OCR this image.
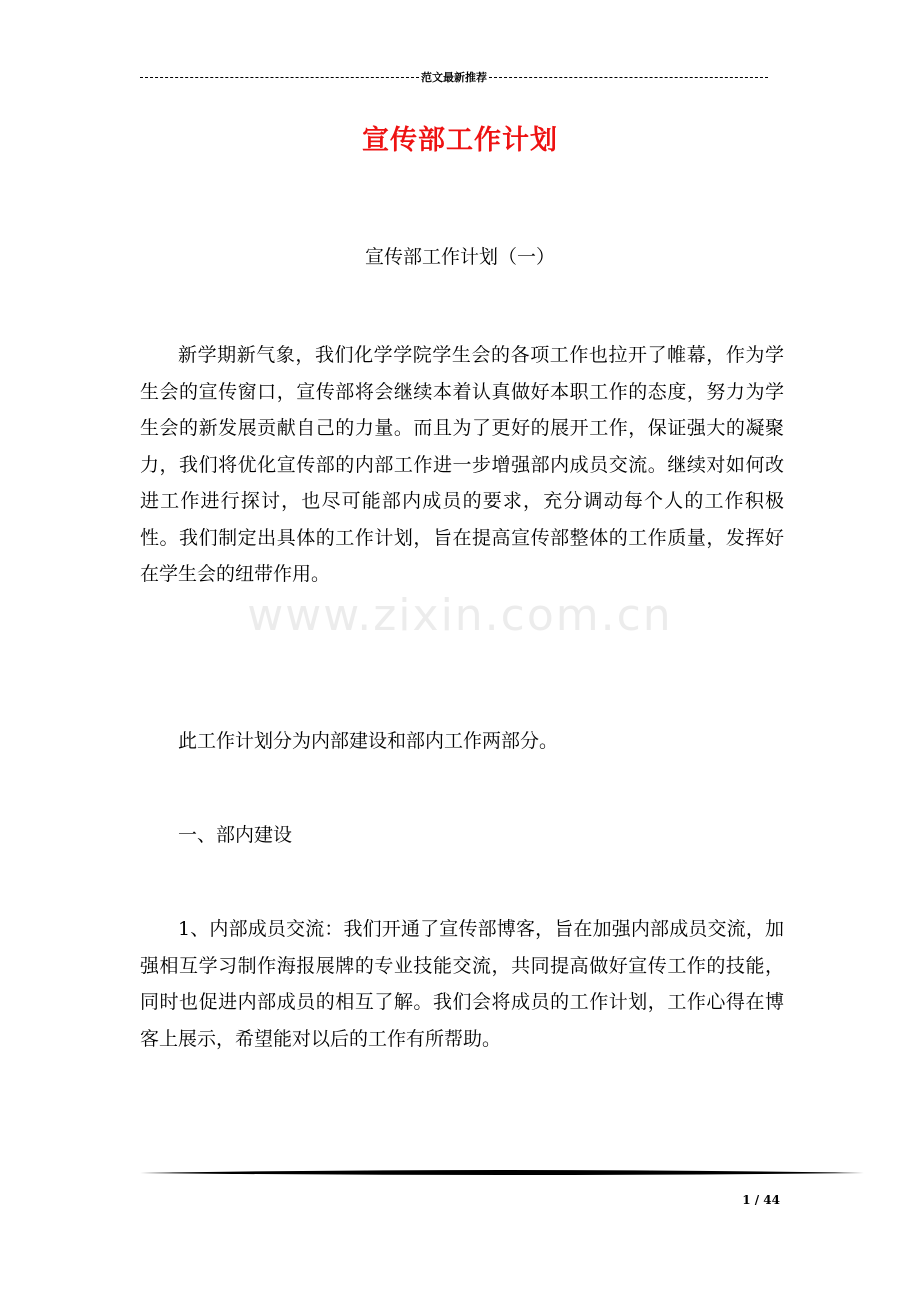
范文最新推荐
宣传部工作计划
宣传部工作计划（一）

新学期新气象，我们化学学院学生会的各项工作也拉开了帷幕，作为学生会的宣传窗口，宣传部将会继续本着认真做好本职工作的态度，努力为学生会的新发展贡献自己的力量。而且为了更好的展开工作，保证强大的凝聚力，我们将优化宣传部的内部工作进一步增强部内成员交流。继续对如何改进工作进行探讨，也尽可能部内成员的要求，充分调动每个人的工作积极性。我们制定出具体的工作计划，旨在提高宣传部整体的工作质量，发挥好在学生会的纽带作用。

www.zixin.com.cn

此工作计划分为内部建设和部内工作两部分。

一、部内建设

1、内部成员交流：我们开通了宣传部博客，旨在加强内部成员交流，加强相互学习制作海报展牌的专业技能交流，共同提高做好宣传工作的技能，同时也促进内部成员的相互了解。我们会将成员的工作计划，工作心得在博客上展示，希望能对以后的工作有所帮助。

1 / 44
